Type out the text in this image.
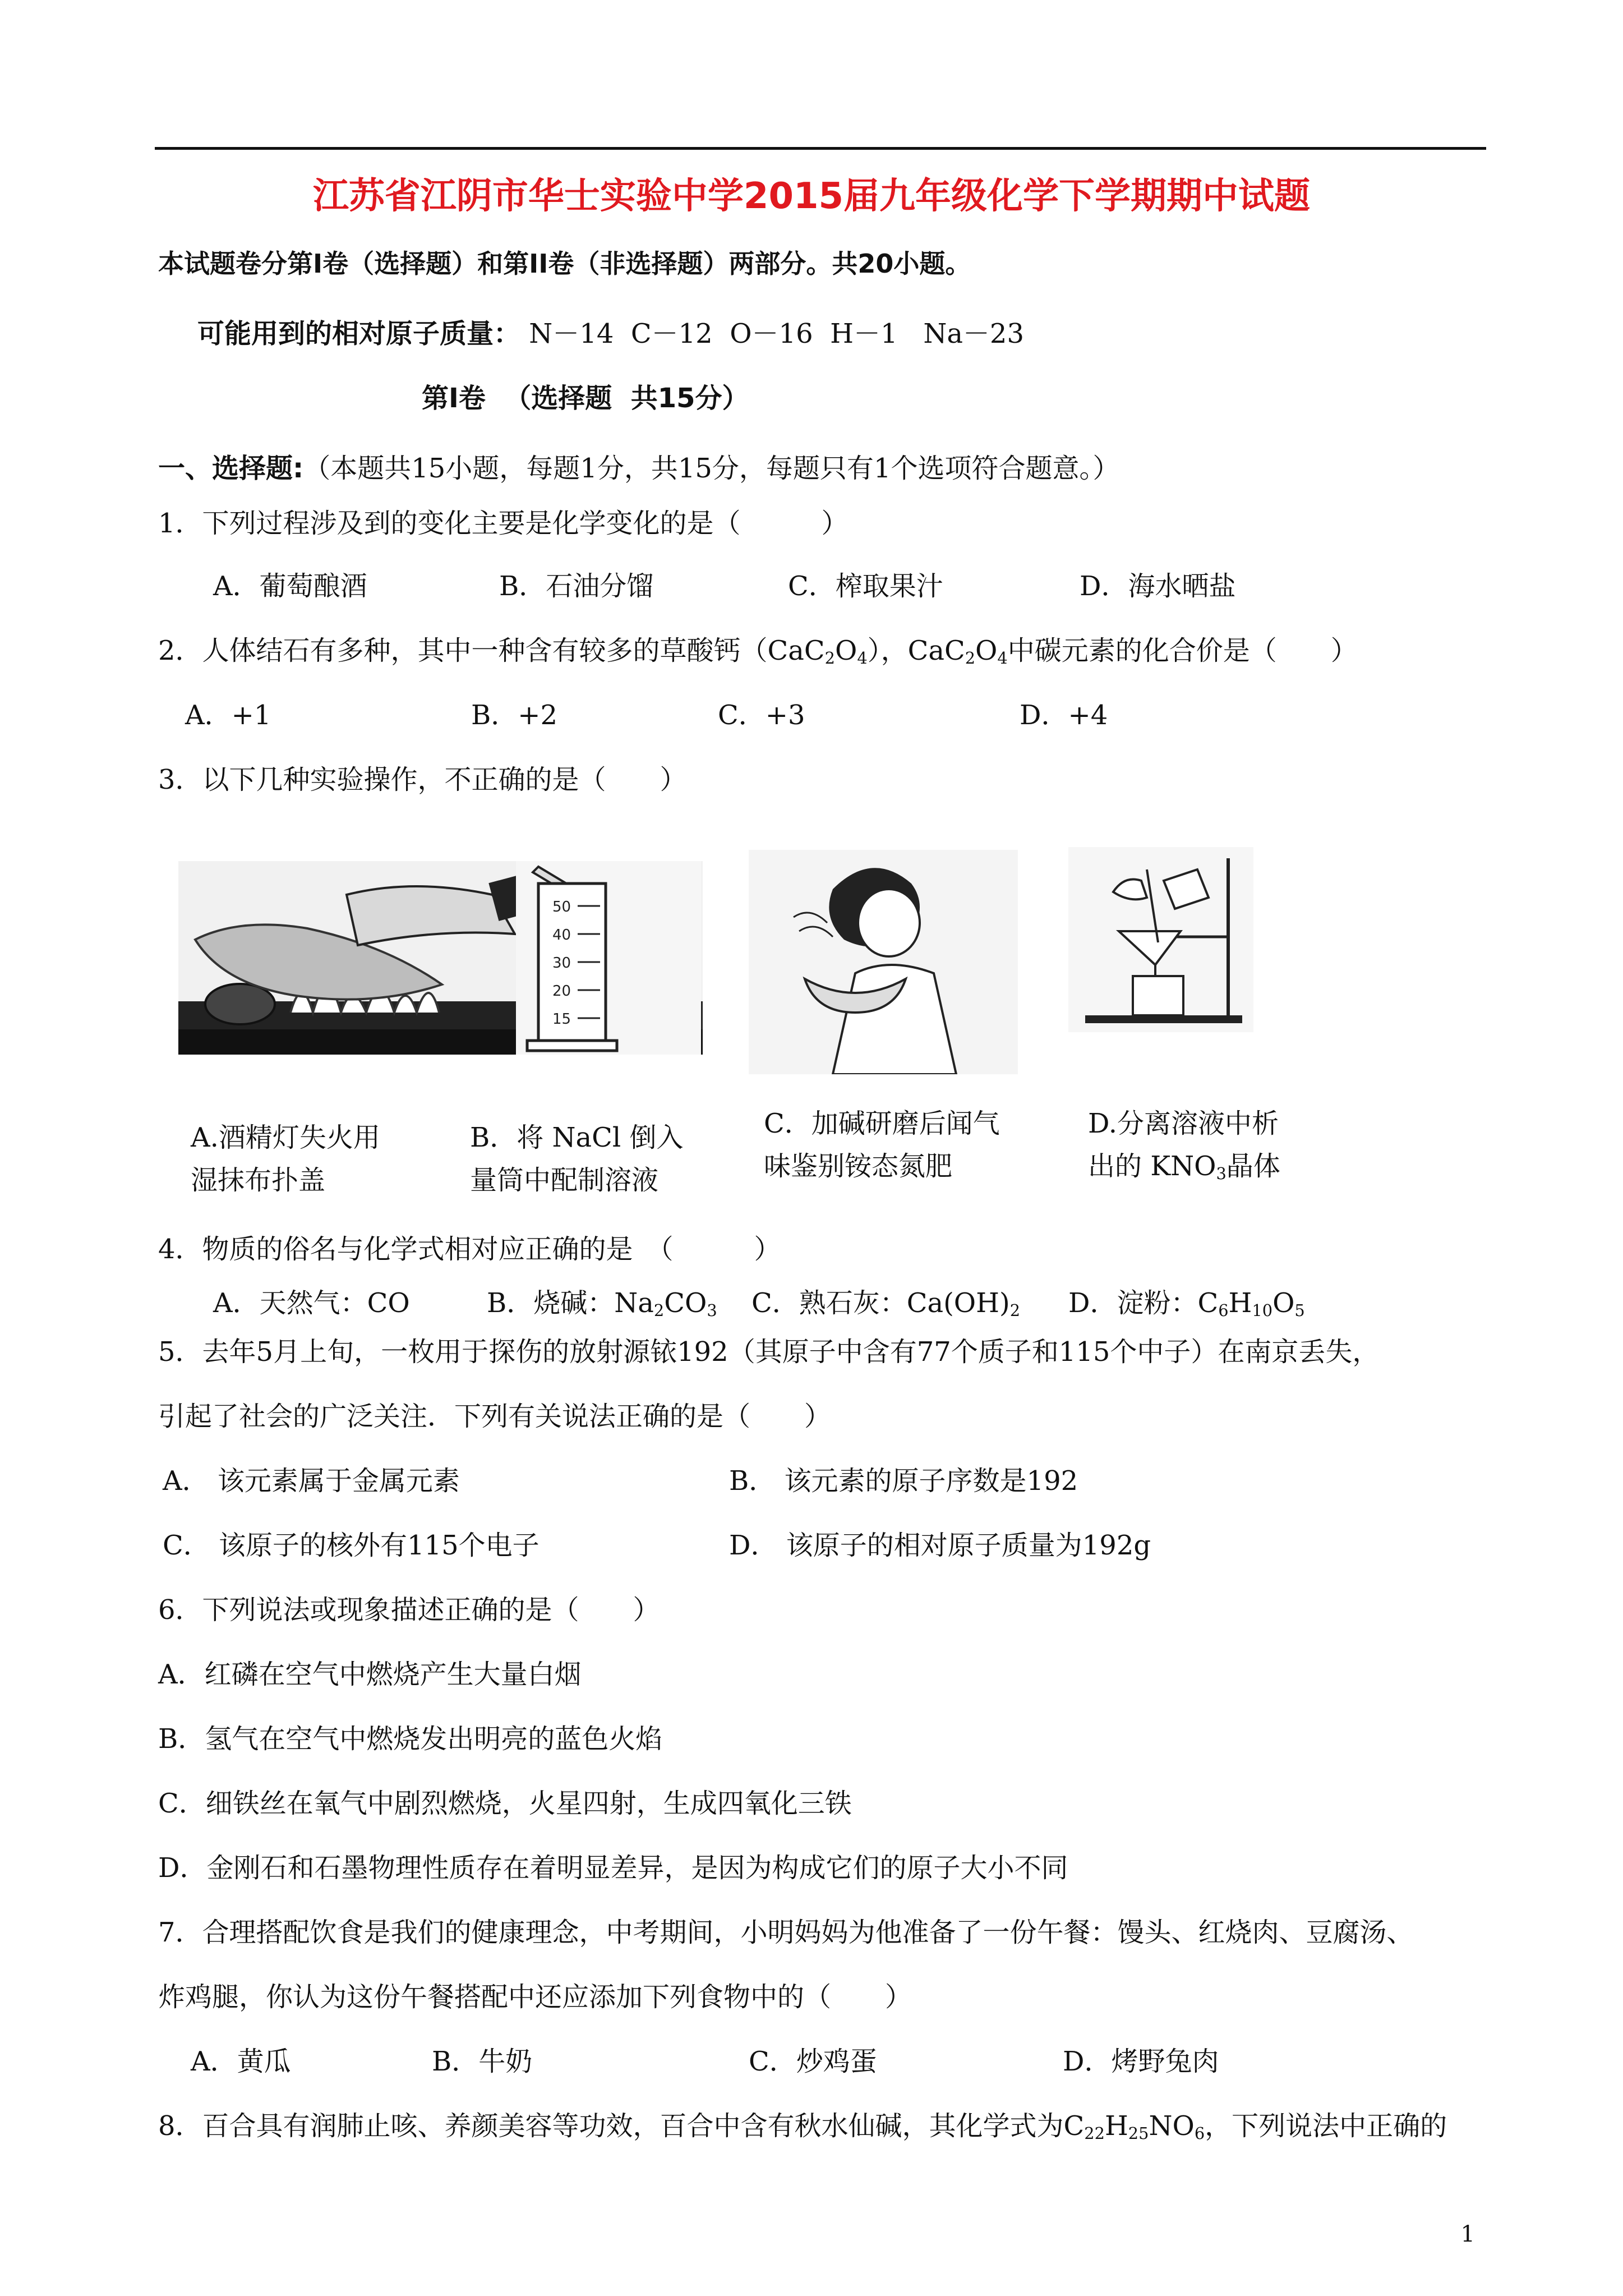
江苏省江阴市华士实验中学2015届九年级化学下学期期中试题
本试题卷分第Ⅰ卷（选择题）和第II卷（非选择题）两部分。共20小题。
可能用到的相对原子质量： N－14  C－12  O－16  H－1   Na－23
第Ⅰ卷  （选择题  共15分）
一、选择题:（本题共15小题，每题1分，共15分，每题只有1个选项符合题意。）
1．下列过程涉及到的变化主要是化学变化的是（　　　）
A．葡萄酿酒	B．石油分馏	C．榨取果汁	D．海水晒盐
2．人体结石有多种，其中一种含有较多的草酸钙$(CaC_2O_4)$，$CaC_2O_4$中碳元素的化合价是（　　）
A．+1	B．+2	C．+3	D．+4
3．以下几种实验操作，不正确的是（　　）
50
40
30
20
15
A.酒精灯失火用
湿抹布扑盖
B．将 NaCl 倒入
量筒中配制溶液
C．加碱研磨后闻气
味鉴别铵态氮肥
D.分离溶液中析
出的 $KNO_3$晶体
4．物质的俗名与化学式相对应正确的是　（　　　）
A．天然气：CO	B．烧碱：$Na_2CO_3$ C．熟石灰：$Ca(OH)_2$ D．淀粉：$C_6H_{10}O_5$
5．去年5月上旬，一枚用于探伤的放射源铱192（其原子中含有77个质子和115个中子）在南京丢失，
引起了社会的广泛关注．下列有关说法正确的是（　　）
A． 该元素属于金属元素	B． 该元素的原子序数是192
C． 该原子的核外有115个电子	D． 该原子的相对原子质量为192g
6．下列说法或现象描述正确的是（　　）
A．红磷在空气中燃烧产生大量白烟
B．氢气在空气中燃烧发出明亮的蓝色火焰
C．细铁丝在氧气中剧烈燃烧，火星四射，生成四氧化三铁
D．金刚石和石墨物理性质存在着明显差异，是因为构成它们的原子大小不同
7．合理搭配饮食是我们的健康理念，中考期间，小明妈妈为他准备了一份午餐：馒头、红烧肉、豆腐汤、
炸鸡腿，你认为这份午餐搭配中还应添加下列食物中的（　　）
A．黄瓜	B．牛奶	C．炒鸡蛋	D．烤野兔肉
8．百合具有润肺止咳、养颜美容等功效，百合中含有秋水仙碱，其化学式为$C_{22}H_{25}NO_6$，下列说法中正确的
1
